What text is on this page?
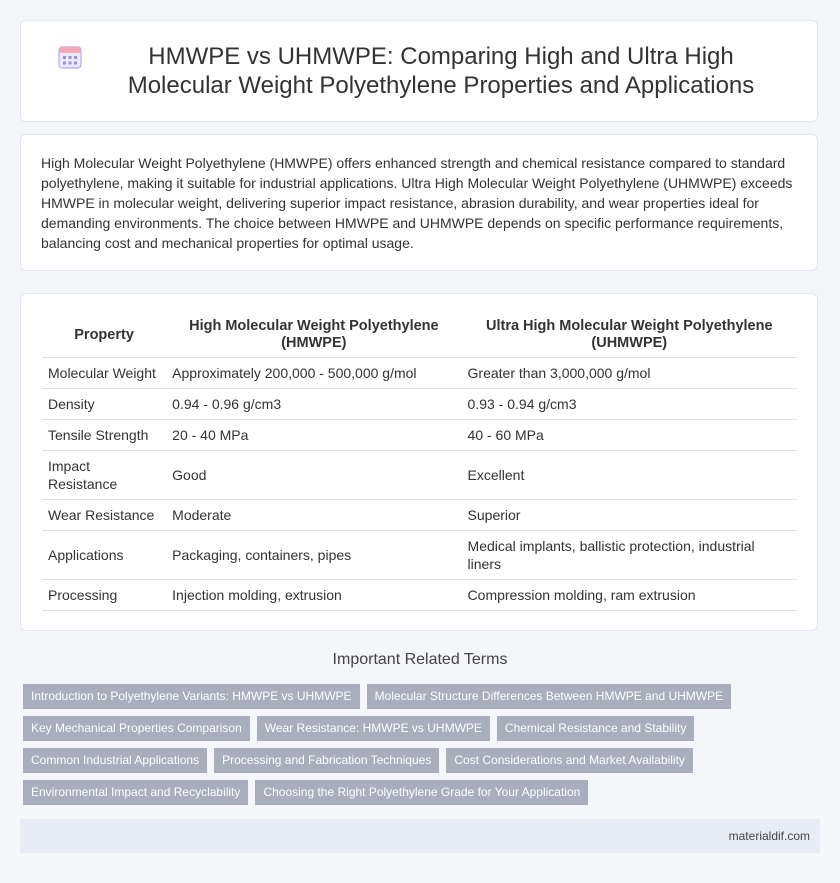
HMWPE vs UHMWPE: Comparing High and Ultra High Molecular Weight Polyethylene Properties and Applications

High Molecular Weight Polyethylene (HMWPE) offers enhanced strength and chemical resistance compared to standard polyethylene, making it suitable for industrial applications. Ultra High Molecular Weight Polyethylene (UHMWPE) exceeds HMWPE in molecular weight, delivering superior impact resistance, abrasion durability, and wear properties ideal for demanding environments. The choice between HMWPE and UHMWPE depends on specific performance requirements, balancing cost and mechanical properties for optimal usage.

Property	High Molecular Weight Polyethylene (HMWPE)	Ultra High Molecular Weight Polyethylene (UHMWPE)
Molecular Weight	Approximately 200,000 - 500,000 g/mol	Greater than 3,000,000 g/mol
Density	0.94 - 0.96 g/cm3	0.93 - 0.94 g/cm3
Tensile Strength	20 - 40 MPa	40 - 60 MPa
Impact Resistance	Good	Excellent
Wear Resistance	Moderate	Superior
Applications	Packaging, containers, pipes	Medical implants, ballistic protection, industrial liners
Processing	Injection molding, extrusion	Compression molding, ram extrusion
Important Related Terms
Introduction to Polyethylene Variants: HMWPE vs UHMWPE	Molecular Structure Differences Between HMWPE and UHMWPE
Key Mechanical Properties Comparison	Wear Resistance: HMWPE vs UHMWPE	Chemical Resistance and Stability
Common Industrial Applications	Processing and Fabrication Techniques	Cost Considerations and Market Availability
Environmental Impact and Recyclability	Choosing the Right Polyethylene Grade for Your Application
materialdif.com
